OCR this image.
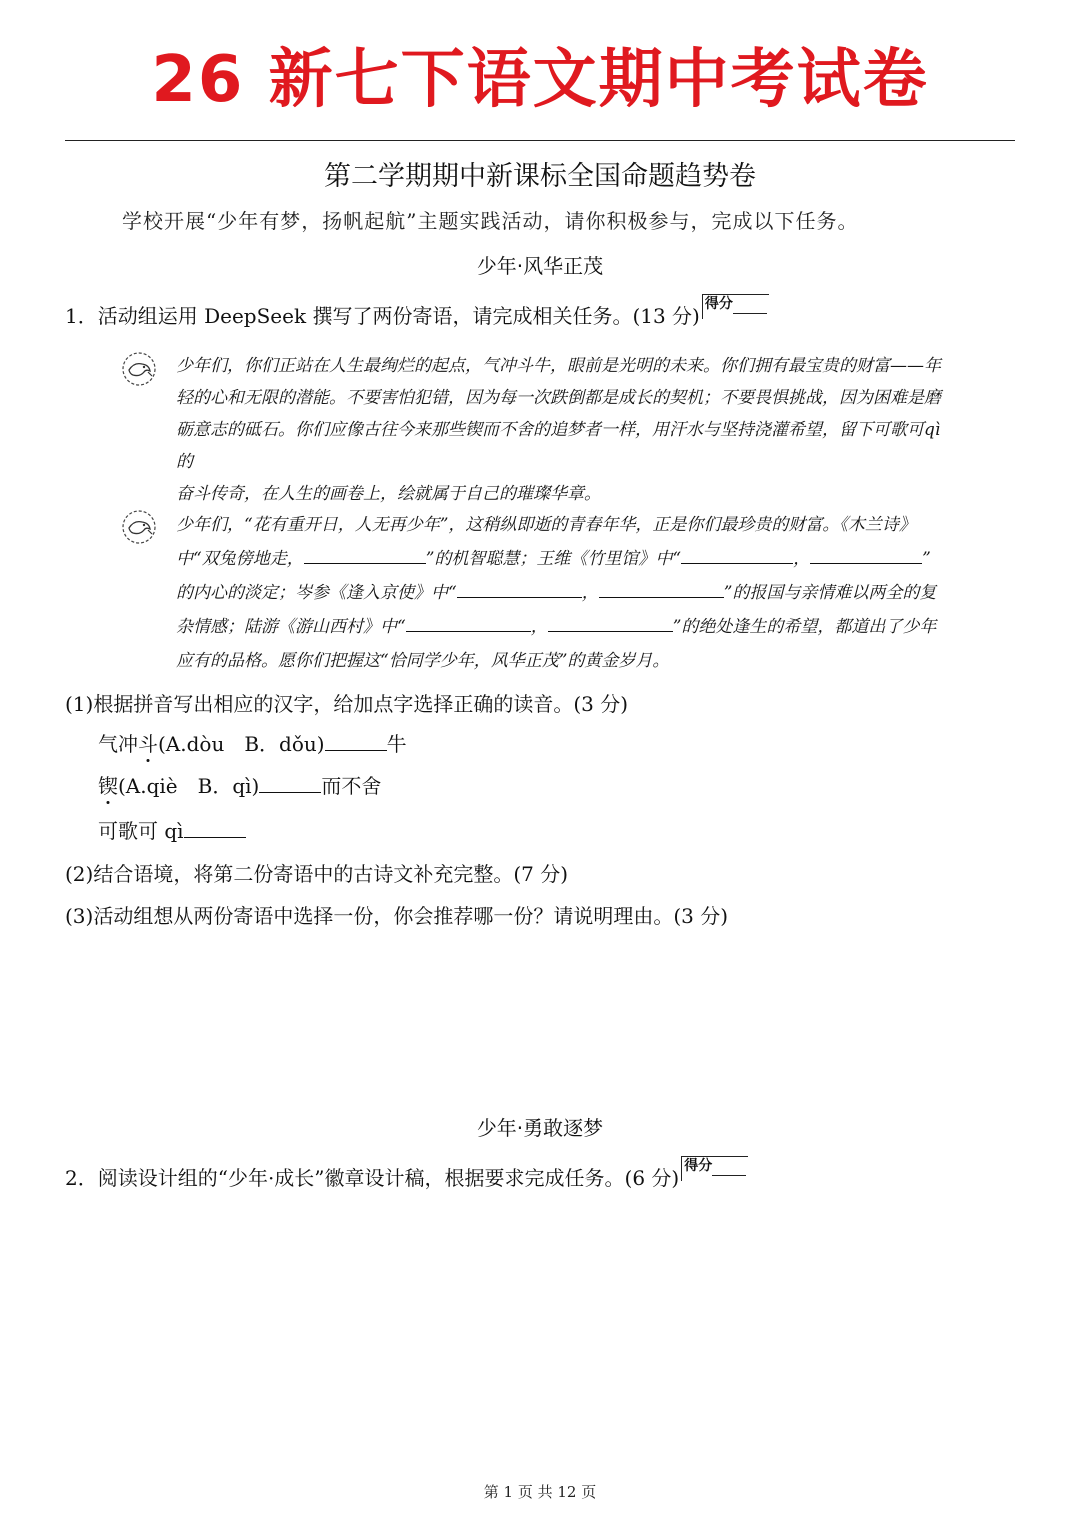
26 新七下语文期中考试卷
第二学期期中新课标全国命题趋势卷
学校开展“少年有梦，扬帆起航”主题实践活动，请你积极参与，完成以下任务。
少年·风华正茂
1．活动组运用 DeepSeek 撰写了两份寄语，请完成相关任务。(13 分) 得分
少年们，你们正站在人生最绚烂的起点，气冲斗牛，眼前是光明的未来。你们拥有最宝贵的财富——年
轻的心和无限的潜能。不要害怕犯错，因为每一次跌倒都是成长的契机；不要畏惧挑战，因为困难是磨
砺意志的砥石。你们应像古往今来那些锲而不舍的追梦者一样，用汗水与坚持浇灌希望，留下可歌可qì的
奋斗传奇，在人生的画卷上，绘就属于自己的璀璨华章。
少年们，“花有重开日，人无再少年”，这稍纵即逝的青春年华，正是你们最珍贵的财富。《木兰诗》
中“双兔傍地走，	”的机智聪慧；王维《竹里馆》中“	，	”
的内心的淡定；岑参《逢入京使》中“	，	”的报国与亲情难以两全的复
杂情感；陆游《游山西村》中“	，	”的绝处逢生的希望，都道出了少年
应有的品格。愿你们把握这“恰同学少年，风华正茂”的黄金岁月。
(1)根据拼音写出相应的汉字，给加点字选择正确的读音。(3 分)
气冲斗(A.dòu　B．dǒu)	牛
锲(A.qiè　B．qì)	而不舍
可歌可 qì
(2)结合语境，将第二份寄语中的古诗文补充完整。(7 分)
(3)活动组想从两份寄语中选择一份，你会推荐哪一份？请说明理由。(3 分)
少年·勇敢逐梦
2．阅读设计组的“少年·成长”徽章设计稿，根据要求完成任务。(6 分) 得分
第 1 页 共 12 页
